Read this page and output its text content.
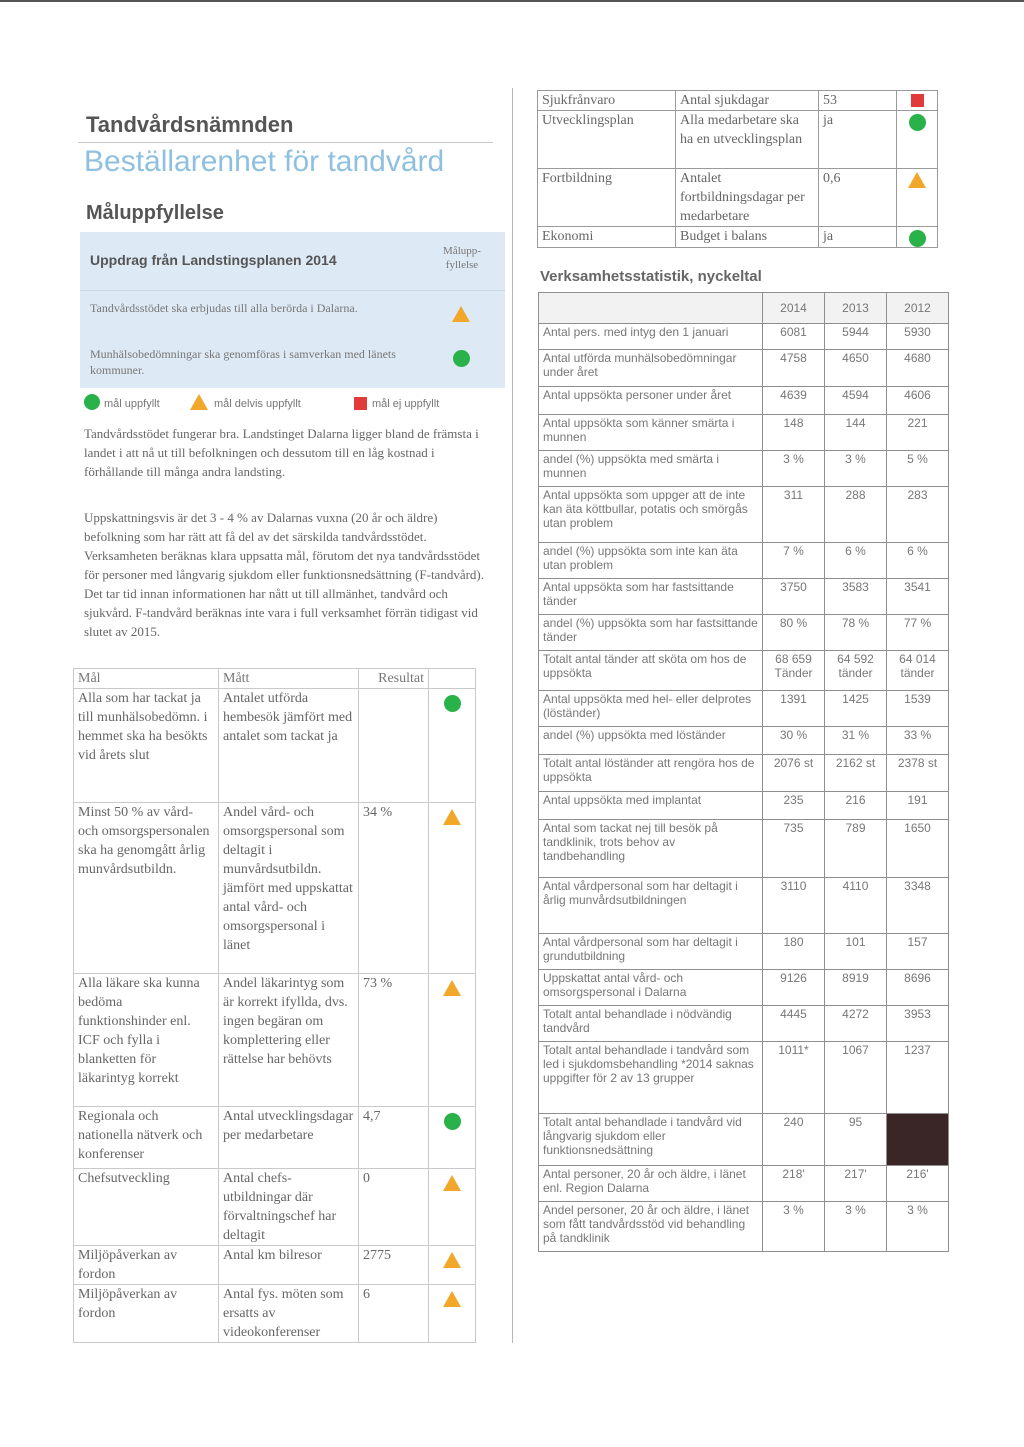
Tandvårdsnämnden
Beställarenhet för tandvård
Måluppfyllelse
Uppdrag från Landstingsplanen 2014
Målupp-fyllelse
Tandvårdsstödet ska erbjudas till alla berörda i Dalarna.
Munhälsobedömningar ska genomföras i samverkan med länets kommuner.
mål uppfyllt	mål delvis uppfyllt	mål ej uppfyllt
Tandvårdsstödet fungerar bra. Landstinget Dalarna ligger bland de främsta i landet i att nå ut till befolkningen och dessutom till en låg kostnad i förhållande till många andra landsting.
Uppskattningsvis är det 3 - 4 % av Dalarnas vuxna (20 år och äldre) befolkning som har rätt att få del av det särskilda tandvårdsstödet. Verksamheten beräknas klara uppsatta mål, förutom det nya tandvårdsstödet för personer med långvarig sjukdom eller funktionsnedsättning (F-tandvård). Det tar tid innan informationen har nått ut till allmänhet, tandvård och sjukvård. F-tandvård beräknas inte vara i full verksamhet förrän tidigast vid slutet av 2015.
Mål	Mått	Resultat	
Alla som har tackat ja till munhälsobedömn. i hemmet ska ha besökts vid årets slut	Antalet utförda hembesök jämfört med antalet som tackat ja		

Minst 50 % av vård- och omsorgspersonalen ska ha genomgått årlig munvårdsutbildn.	Andel vård- och omsorgspersonal som deltagit i munvårdsutbildn. jämfört med uppskattat antal vård- och omsorgspersonal i länet	34 %	

Alla läkare ska kunna bedöma funktionshinder enl. ICF och fylla i blanketten för läkarintyg korrekt	Andel läkarintyg som är korrekt ifyllda, dvs. ingen begäran om komplettering eller rättelse har behövts	73 %	

Regionala och nationella nätverk och konferenser	Antal utvecklingsdagar per medarbetare	4,7	

Chefsutveckling	Antal chefs-utbildningar där förvaltningschef har deltagit	0	

Miljöpåverkan av fordon	Antal km bilresor	2775	

Miljöpåverkan av fordon	Antal fys. möten som ersatts av videokonferenser	6	
Sjukfrånvaro	Antal sjukdagar	53	

Utvecklingsplan	Alla medarbetare ska ha en utvecklingsplan	ja	

Fortbildning	Antalet fortbildningsdagar per medarbetare	0,6	

Ekonomi	Budget i balans	ja	
Verksamhetsstatistik, nyckeltal
	2014	2013	2012
Antal pers. med intyg den 1 januari	6081	5944	5930
Antal utförda munhälsobedömningar under året	4758	4650	4680
Antal uppsökta personer under året	4639	4594	4606
Antal uppsökta som känner smärta i munnen	148	144	221
andel (%) uppsökta med smärta i munnen	3 %	3 %	5 %
Antal uppsökta som uppger att de inte kan äta köttbullar, potatis och smörgås utan problem	311	288	283
andel (%) uppsökta som inte kan äta utan problem	7 %	6 %	6 %
Antal uppsökta som har fastsittande tänder	3750	3583	3541
andel (%) uppsökta som har fastsittande tänder	80 %	78 %	77 %
Totalt antal tänder att sköta om hos de uppsökta	68 659 Tänder	64 592 tänder	64 014 tänder
Antal uppsökta med hel- eller delprotes (löständer)	1391	1425	1539
andel (%) uppsökta med löständer	30 %	31 %	33 %
Totalt antal löständer att rengöra hos de uppsökta	2076 st	2162 st	2378 st
Antal uppsökta med implantat	235	216	191
Antal som tackat nej till besök på tandklinik, trots behov av tandbehandling	735	789	1650
Antal vårdpersonal som har deltagit i årlig munvårdsutbildningen	3110	4110	3348
Antal vårdpersonal som har deltagit i grundutbildning	180	101	157
Uppskattat antal vård- och omsorgspersonal i Dalarna	9126	8919	8696
Totalt antal behandlade i nödvändig tandvård	4445	4272	3953
Totalt antal behandlade i tandvård som led i sjukdomsbehandling *2014 saknas uppgifter för 2 av 13 grupper	1011*	1067	1237
Totalt antal behandlade i tandvård vid långvarig sjukdom eller funktionsnedsättning	240	95	
Antal personer, 20 år och äldre, i länet enl. Region Dalarna	218'	217'	216'
Andel personer, 20 år och äldre, i länet som fått tandvårdsstöd vid behandling på tandklinik	3 %	3 %	3 %
